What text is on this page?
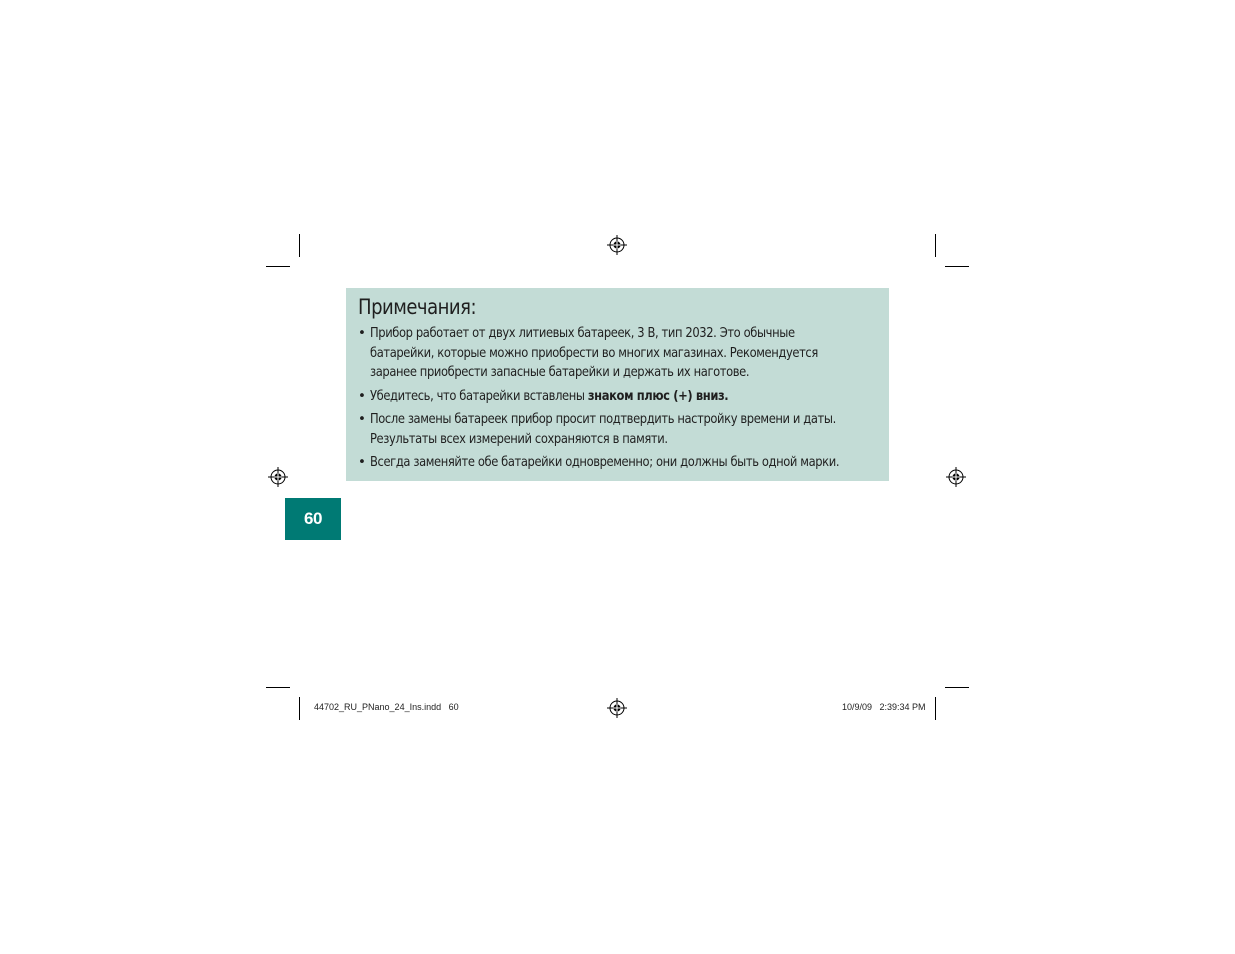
Примечания:
• Прибор работает от двух литиевых батареек, 3 В, тип 2032. Это обычные
батарейки, которые можно приобрести во многих магазинах. Рекомендуется
заранее приобрести запасные батарейки и держать их наготове.
• Убедитесь, что батарейки вставлены знаком плюс (+) вниз.
• После замены батареек прибор просит подтвердить настройку времени и даты.
Результаты всех измерений сохраняются в памяти.
• Всегда заменяйте обе батарейки одновременно; они должны быть одной марки.
60
44702_RU_PNano_24_Ins.indd   60	10/9/09   2:39:34 PM
